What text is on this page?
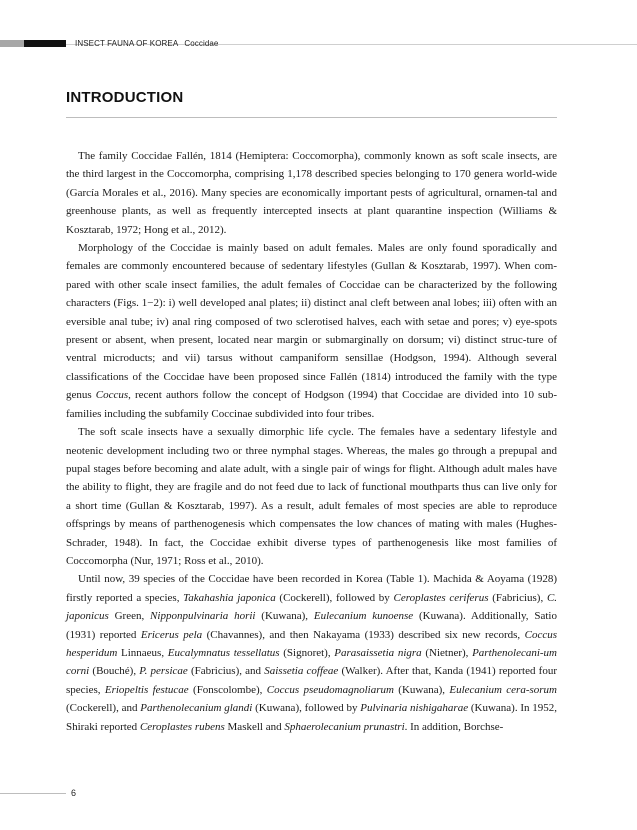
INSECT FAUNA OF KOREA Coccidae
INTRODUCTION

The family Coccidae Fallén, 1814 (Hemiptera: Coccomorpha), commonly known as soft scale insects, are the third largest in the Coccomorpha, comprising 1,178 described species belonging to 170 genera world-wide (García Morales et al., 2016). Many species are economically important pests of agricultural, ornamen-tal and greenhouse plants, as well as frequently intercepted insects at plant quarantine inspection (Williams & Kosztarab, 1972; Hong et al., 2012).

Morphology of the Coccidae is mainly based on adult females. Males are only found sporadically and females are commonly encountered because of sedentary lifestyles (Gullan & Kosztarab, 1997). When com-pared with other scale insect families, the adult females of Coccidae can be characterized by the following characters (Figs. 1−2): i) well developed anal plates; ii) distinct anal cleft between anal lobes; iii) often with an eversible anal tube; iv) anal ring composed of two sclerotised halves, each with setae and pores; v) eye-spots present or absent, when present, located near margin or submarginally on dorsum; vi) distinct struc-ture of ventral microducts; and vii) tarsus without campaniform sensillae (Hodgson, 1994). Although several classifications of the Coccidae have been proposed since Fallén (1814) introduced the family with the type genus Coccus, recent authors follow the concept of Hodgson (1994) that Coccidae are divided into 10 sub-families including the subfamily Coccinae subdivided into four tribes.

The soft scale insects have a sexually dimorphic life cycle. The females have a sedentary lifestyle and neotenic development including two or three nymphal stages. Whereas, the males go through a prepupal and pupal stages before becoming and alate adult, with a single pair of wings for flight. Although adult males have the ability to flight, they are fragile and do not feed due to lack of functional mouthparts thus can live only for a short time (Gullan & Kosztarab, 1997). As a result, adult females of most species are able to reproduce offsprings by means of parthenogenesis which compensates the low chances of mating with males (Hughes-Schrader, 1948). In fact, the Coccidae exhibit diverse types of parthenogenesis like most families of Coccomorpha (Nur, 1971; Ross et al., 2010).

Until now, 39 species of the Coccidae have been recorded in Korea (Table 1). Machida & Aoyama (1928) firstly reported a species, Takahashia japonica (Cockerell), followed by Ceroplastes ceriferus (Fabricius), C. japonicus Green, Nipponpulvinaria horii (Kuwana), Eulecanium kunoense (Kuwana). Additionally, Satio (1931) reported Ericerus pela (Chavannes), and then Nakayama (1933) described six new records, Coccus hesperidum Linnaeus, Eucalymnatus tessellatus (Signoret), Parasaissetia nigra (Nietner), Parthenolecani-um corni (Bouché), P. persicae (Fabricius), and Saissetia coffeae (Walker). After that, Kanda (1941) reported four species, Eriopeltis festucae (Fonscolombe), Coccus pseudomagnoliarum (Kuwana), Eulecanium cera-sorum (Cockerell), and Parthenolecanium glandi (Kuwana), followed by Pulvinaria nishigaharae (Kuwana). In 1952, Shiraki reported Ceroplastes rubens Maskell and Sphaerolecanium prunastri. In addition, Borchse-

6
